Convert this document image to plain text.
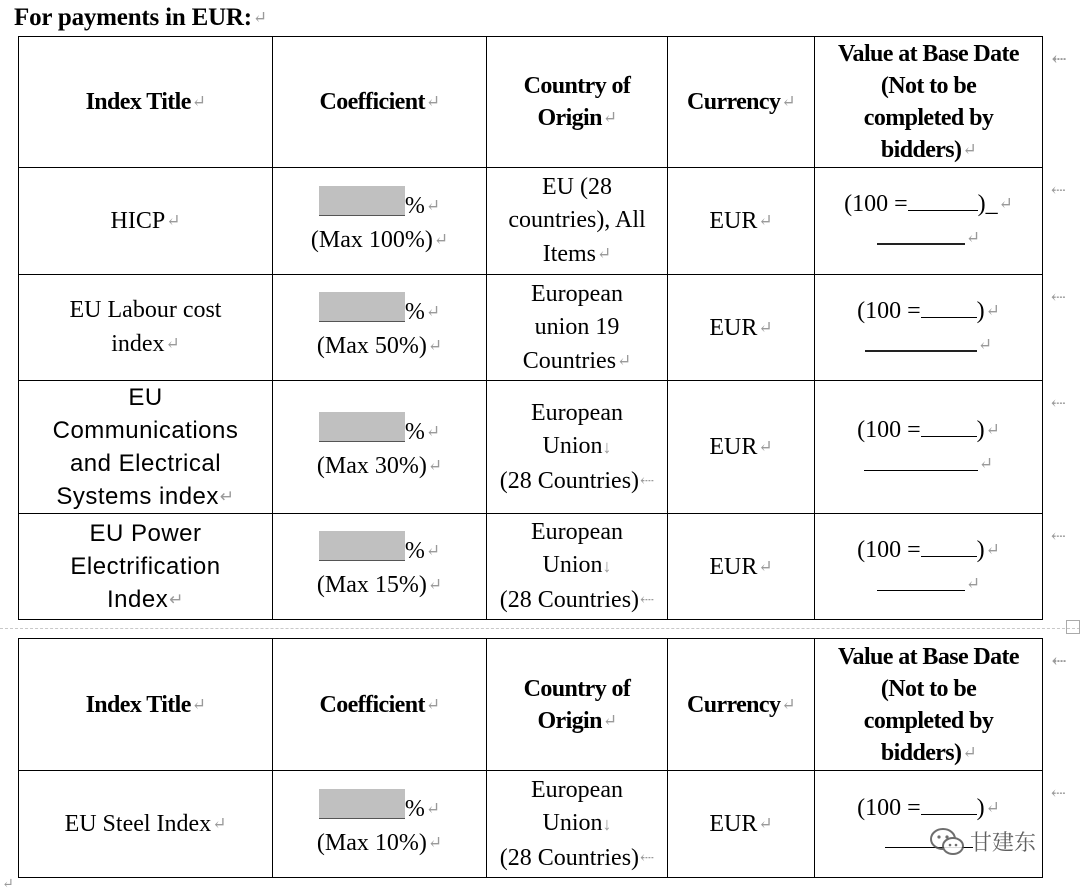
For payments in EUR:↵
Index Title↵	Coefficient↵	Country of
Origin↵	Currency↵	Value at Base Date
(Not to be
completed by
bidders)↵
⇠

HICP↵	%↵
(Max 100%)↵	EU (28
countries), All
Items↵	EUR↵	(100 = )_↵
↵
⇠

EU Labour cost
index↵	%↵
(Max 50%)↵	European
union 19
Countries↵	EUR↵	(100 = )↵
↵
⇠

EU
Communications
and Electrical
Systems index↵	%↵
(Max 30%)↵	European
Union↓
(28 Countries)⇠	EUR↵	(100 = )↵
↵
⇠

EU Power
Electrification
Index↵	%↵
(Max 15%)↵	European
Union↓
(28 Countries)⇠	EUR↵	(100 = )↵
↵
⇠
Index Title↵	Coefficient↵	Country of
Origin↵	Currency↵	Value at Base Date
(Not to be
completed by
bidders)↵
⇠

EU Steel Index↵	%↵
(Max 10%)↵	European
Union↓
(28 Countries)⇠	EUR↵	(100 = )↵

⇠
↵
甘建东
